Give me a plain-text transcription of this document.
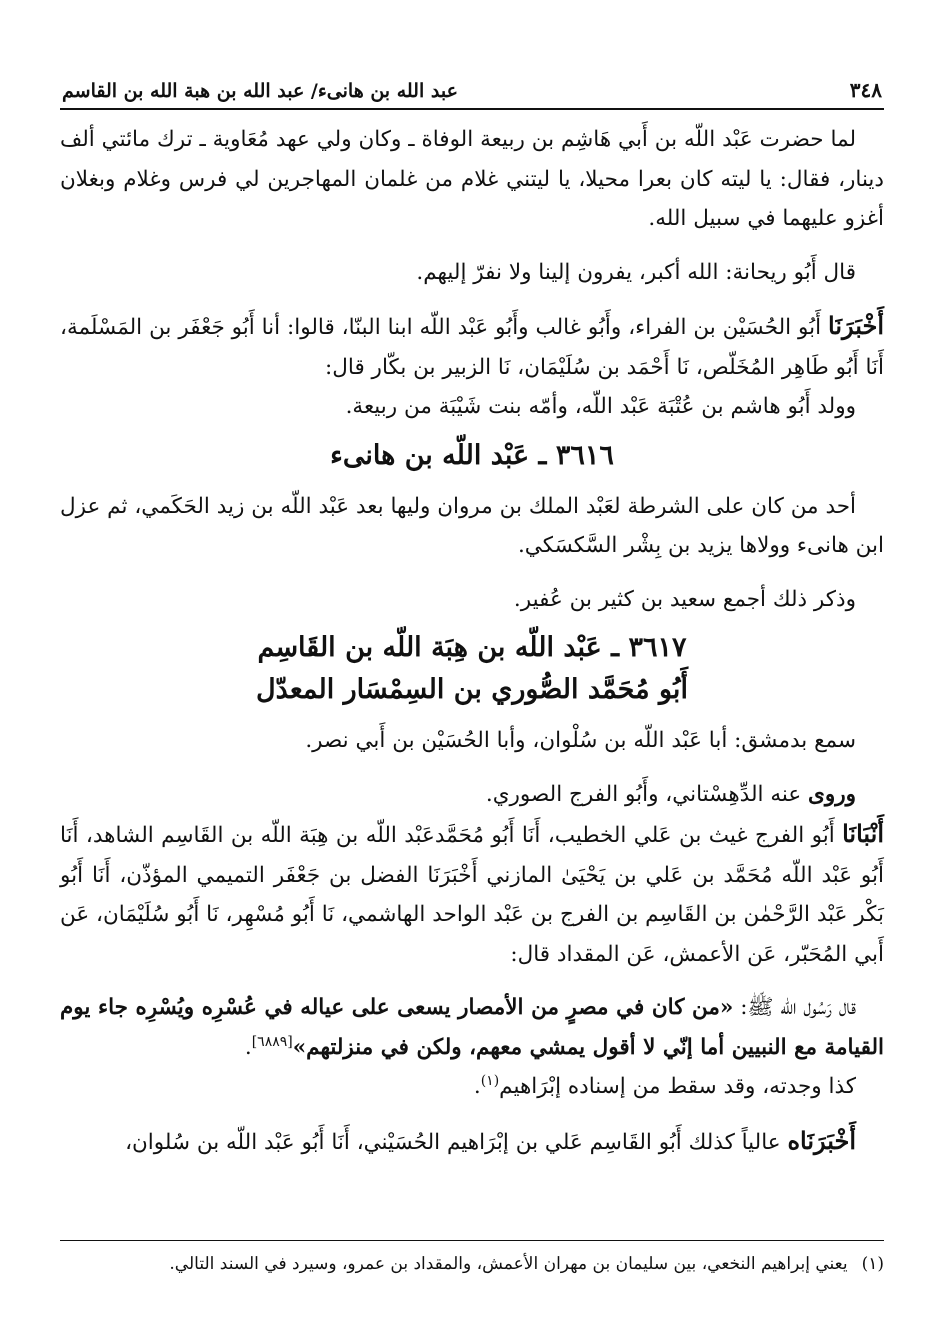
٣٤٨
عبد الله بن هانىء/ عبد الله بن هبة الله بن القاسم

لما حضرت عَبْد اللّه بن أَبي هَاشِم بن ربيعة الوفاة ـ وكان ولي عهد مُعَاوية ـ ترك مائتي ألف دينار، فقال: يا ليته كان بعرا محيلا، يا ليتني غلام من غلمان المهاجرين لي فرس وغلام وبغلان أغزو عليهما في سبيل الله.

قال أَبُو ريحانة: الله أكبر، يفرون إلينا ولا نفرّ إليهم.

أَخْبَرَنَا أَبُو الحُسَيْن بن الفراء، وأَبُو غالب وأَبُو عَبْد اللّه ابنا البنّا، قالوا: أنا أَبُو جَعْفَر بن المَسْلَمة، أَنَا أَبُو طَاهِر المُخَلّص، نَا أَحْمَد بن سُلَيْمَان، نَا الزبير بن بكّار قال:

وولد أَبُو هاشم بن عُتْبَة عَبْد اللّه، وأمّه بنت شَيْبَة من ربيعة.

٣٦١٦ ـ عَبْد اللّه بن هانىء

أحد من كان على الشرطة لعَبْد الملك بن مروان وليها بعد عَبْد اللّه بن زيد الحَكَمي، ثم عزل ابن هانىء وولاها يزيد بن بِشْر السَّكسَكي.

وذكر ذلك أجمع سعيد بن كثير بن عُفير.

٣٦١٧ ـ عَبْد اللّه بن هِبَة اللّه بن القَاسِم
أَبُو مُحَمَّد الصُّوري بن السِمْسَار المعدّل

سمع بدمشق: أبا عَبْد اللّه بن سُلْوان، وأبا الحُسَيْن بن أَبي نصر.

وروى عنه الدِّهِسْتاني، وأَبُو الفرج الصوري.

أَنْبَانَا أَبُو الفرج غيث بن عَلي الخطيب، أَنَا أَبُو مُحَمَّدعَبْد اللّه بن هِبَة اللّه بن القَاسِم الشاهد، أَنَا أَبُو عَبْد اللّه مُحَمَّد بن عَلي بن يَحْيَىٰ المازني أَخْبَرَنَا الفضل بن جَعْفَر التميمي المؤذّن، أَنَا أَبُو بَكْر عَبْد الرَّحْمٰن بن القَاسِم بن الفرج بن عَبْد الواحد الهاشمي، نَا أَبُو مُسْهِر، نَا أَبُو سُلَيْمَان، عَن أَبي المُحَبّر، عَن الأعمش، عَن المقداد قال:

قال رَسُول الله ﷺ: «من كان في مصرٍ من الأمصار يسعى على عياله في عُسْرِه ويُسْرِه جاء يوم القيامة مع النبيين أما إنّي لا أقول يمشي معهم، ولكن في منزلتهم»[٦٨٨٩].

كذا وجدته، وقد سقط من إسناده إبْرَاهيم$^{(١)}$.

أَخْبَرَنَاه عالياً كذلك أَبُو القَاسِم عَلي بن إبْرَاهيم الحُسَيْني، أَنَا أَبُو عَبْد اللّه بن سُلوان،

(١)يعني إبراهيم النخعي، بين سليمان بن مهران الأعمش، والمقداد بن عمرو، وسيرد في السند التالي.
